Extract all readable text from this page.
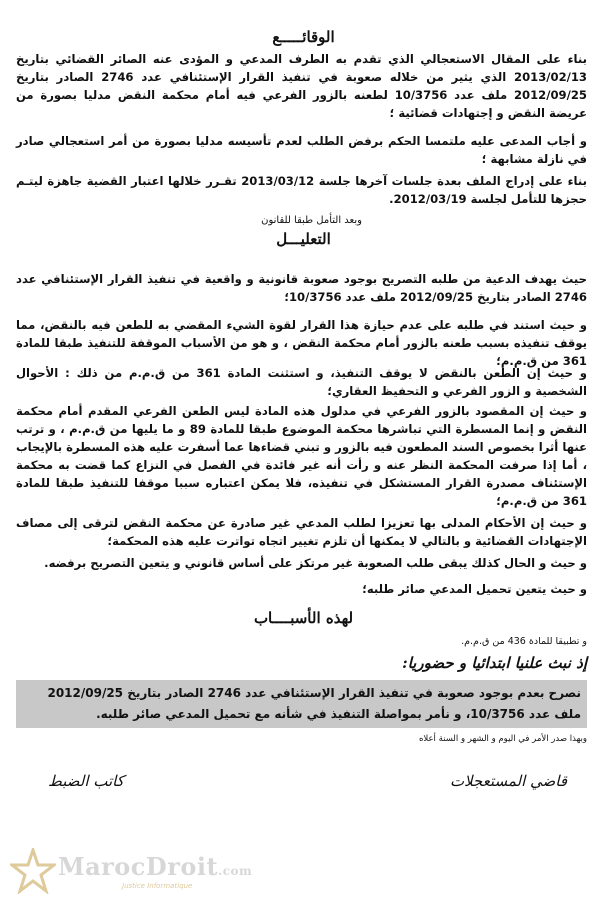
الوقائـــــع

بناء على المقال الاستعجالي الذي تقدم به الطرف المدعي و المؤدى عنه الصائر القضائي بتاريخ 2013/02/13 الذي يثير من خلاله صعوبة في تنفيذ القرار الإستئنافي عدد 2746 الصادر بتاريخ 2012/09/25 ملف عدد 10/3756 لطعنه بالزور الفرعي فيه أمام محكمة النقض مدليا بصورة من عريضة النقض و إجتهادات قضائية ؛

و أجاب المدعى عليه ملتمسا الحكم برفض الطلب لعدم تأسيسه مدليا بصورة من أمر استعجالي صادر في نازلة مشابهة ؛

بناء على إدراج الملف بعدة جلسات آخرها جلسة 2013/03/12 تقـرر خلالها اعتبار القضية جاهزة ليتـم حجزها للتأمل لجلسة 2012/03/19.

وبعد التأمل طبقا للقانون

التعليـــل

حيث يهدف الدعية من طلبه التصريح بوجود صعوبة قانونية و واقعية في تنفيذ القرار الإستئنافي عدد 2746 الصادر بتاريخ 2012/09/25 ملف عدد 10/3756؛

و حيث استند في طلبه على عدم حيازة هذا القرار لقوة الشيء المقضي به للطعن فيه بالنقض، مما يوقف تنفيذه بسبب طعنه بالزور أمام محكمة النقض ، و هو من الأسباب الموقفة للتنفيذ طبقا للمادة 361 من ق.م.م؛

و حيث إن الطعن بالنقض لا يوقف التنفيذ، و استثنت المادة 361 من ق.م.م من ذلك : الأحوال الشخصية و الزور الفرعي و التحفيظ العقاري؛

و حيث إن المقصود بالزور الفرعي في مدلول هذه المادة ليس الطعن الفرعي المقدم أمام محكمة النقض و إنما المسطرة التي تباشرها محكمة الموضوع طبقا للمادة 89 و ما يليها من ق.م.م ، و ترتب عنها أثرا بخصوص السند المطعون فيه بالزور و تبني قضاءها عما أسفرت عليه هذه المسطرة بالإيجاب ، أما إذا صرفت المحكمة النظر عنه و رأت أنه غير فائدة في الفصل في النزاع كما قضت به محكمة الإستئناف مصدرة القرار المستشكل في تنفيذه، فلا يمكن اعتباره سببا موقفا للتنفيذ طبقا للمادة 361 من ق.م.م؛

و حيث إن الأحكام المدلى بها تعزيزا لطلب المدعي غير صادرة عن محكمة النقض لترقى إلى مصاف الإجتهادات القضائية و بالتالي لا يمكنها أن تلزم تغيير اتجاه تواترت عليه هذه المحكمة؛

و حيث و الحال كذلك يبقى طلب الصعوبة غير مرتكز على أساس قانوني و يتعين التصريح برفضه.

و حيث يتعين تحميل المدعي صائر طلبه؛

لهذه الأسبــــاب

و تطبيقا للمادة 436 من ق.م.م.

إذ نبث علنيا ابتدائيا و حضوريا:
نصرح بعدم بوجود صعوبة في تنفيذ القرار الإستئنافي عدد 2746 الصادر بتاريخ 2012/09/25 ملف عدد 10/3756، و نأمر بمواصلة التنفيذ في شأنه مع تحميل المدعي صائر طلبه.
وبهذا صدر الأمر في اليوم و الشهر و السنة أعلاه
قاضي المستعجلات
كاتب الضبط
MarocDroit.com
Justice Informatique
